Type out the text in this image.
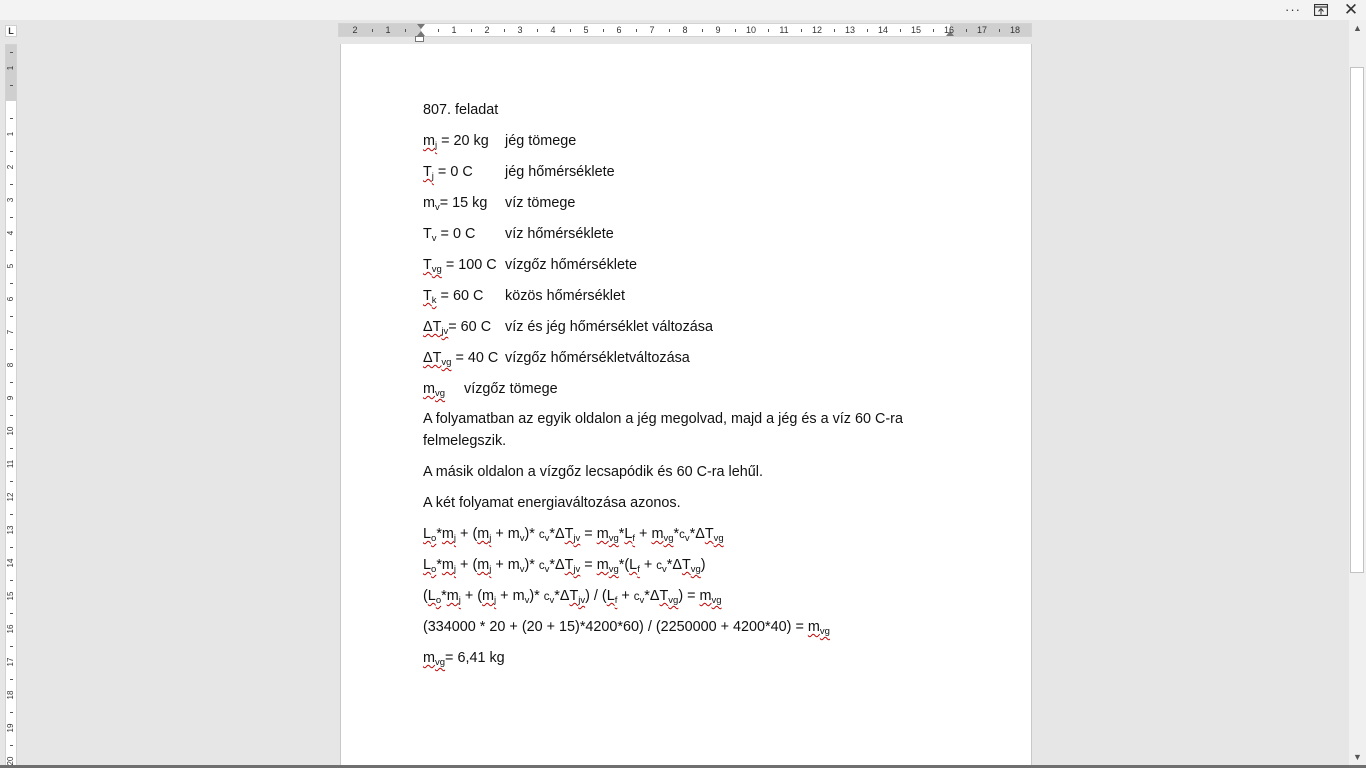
···	✕
L	2	1	1	2	3	4	5	6	7	8	9	10	11	12	13	14	15	16	17	18
1
1
2
3
4
5
6
7
8
9
10
11
12
13
14
15
16
17
18
19
20

807. feladat

$m_j = 20$ kg jég tömege

$T_j = 0$ C jég hőmérséklete

$m_v= 15$ kg víz tömege

$T_v = 0$ C víz hőmérséklete

$T_{vg} = 100$ C vízgőz hőmérséklete

$T_k = 60$ C közös hőmérséklet

$\Delta T_{jv}= 60$ C víz és jég hőmérséklet változása

$\Delta T_{vg} = 40$ C vízgőz hőmérsékletváltozása

$m_{vg}$ vízgőz tömege

A folyamatban az egyik oldalon a jég megolvad, majd a jég és a víz 60 C-ra felmelegszik.

A másik oldalon a vízgőz lecsapódik és 60 C-ra lehűl.

A két folyamat energiaváltozása azonos.

$L_o*m_j + (m_j + m_v)*$ $c_v*\Delta T_{jv} = m_{vg}*L_f + m_{vg}*c_v*\Delta T_{vg}$

$L_o*m_j + (m_j + m_v)*$ $c_v*\Delta T_{jv} = m_{vg}*(L_f + c_v*\Delta T_{vg})$

($L_o*m_j + (m_j + m_v)*$ $c_v*\Delta T_{jv}) / (L_f + c_v*\Delta T_{vg}) = m_{vg}$

$(334000 * 20 + (20 + 15)*4200*60) / (2250000 + 4200*40) = m_{vg}$

$m_{vg}= 6,41$ kg

▲
▼
